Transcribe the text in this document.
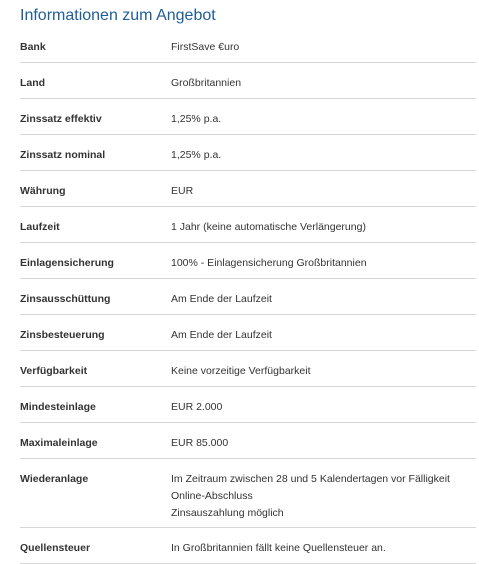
Informationen zum Angebot
Bank	FirstSave €uro
Land	Großbritannien
Zinssatz effektiv	1,25% p.a.
Zinssatz nominal	1,25% p.a.
Währung	EUR
Laufzeit	1 Jahr (keine automatische Verlängerung)
Einlagensicherung	100% - Einlagensicherung Großbritannien
Zinsausschüttung	Am Ende der Laufzeit
Zinsbesteuerung	Am Ende der Laufzeit
Verfügbarkeit	Keine vorzeitige Verfügbarkeit
Mindesteinlage	EUR 2.000
Maximaleinlage	EUR 85.000
Wiederanlage	Im Zeitraum zwischen 28 und 5 Kalendertagen vor Fälligkeit
Online-Abschluss
Zinsauszahlung möglich
Quellensteuer	In Großbritannien fällt keine Quellensteuer an.
